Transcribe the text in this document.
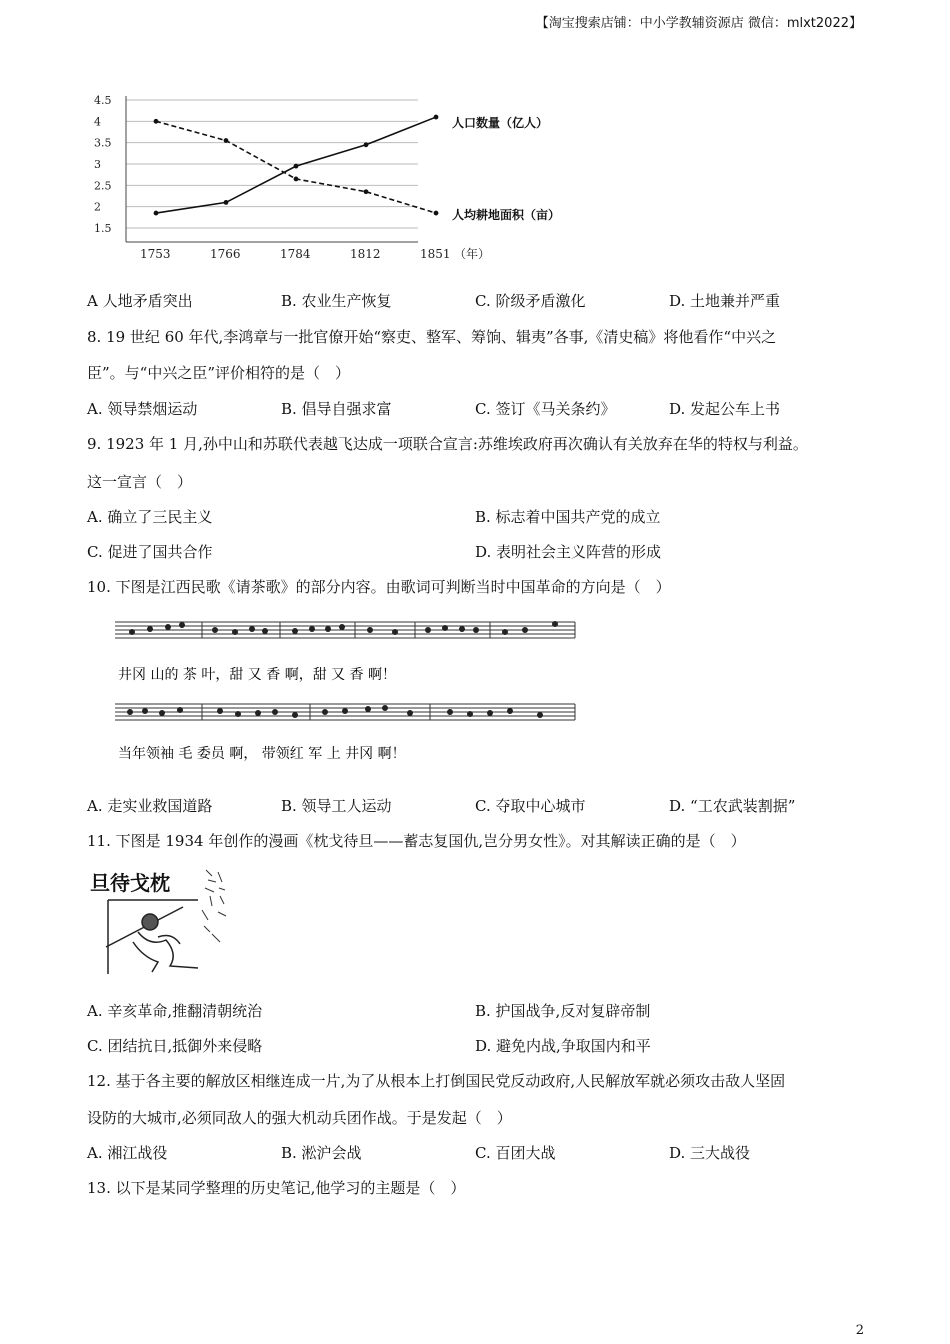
【淘宝搜索店铺：中小学教辅资源店 微信：mlxt2022】
4.5
4
3.5
3
2.5
2
1.5
1753	1766	1784	1812	1851 （年）
人口数量（亿人）
人均耕地面积（亩）
A 人地矛盾突出	B. 农业生产恢复	C. 阶级矛盾激化	D. 土地兼并严重
8. 19 世纪 60 年代,李鸿章与一批官僚开始“察吏、整军、筹饷、辑夷”各事,《清史稿》将他看作“中兴之
臣”。与“中兴之臣”评价相符的是（　）
A. 领导禁烟运动	B. 倡导自强求富	C. 签订《马关条约》	D. 发起公车上书
9. 1923 年 1 月,孙中山和苏联代表越飞达成一项联合宣言:苏维埃政府再次确认有关放弃在华的特权与利益。
这一宣言（　）
A. 确立了三民主义	B. 标志着中国共产党的成立
C. 促进了国共合作	D. 表明社会主义阵营的形成
10. 下图是江西民歌《请茶歌》的部分内容。由歌词可判断当时中国革命的方向是（　）
井冈 山的 茶 叶，甜 又 香 啊，甜 又 香 啊！
当年领袖 毛 委员 啊， 带领红 军 上 井冈 啊！
A. 走实业救国道路	B. 领导工人运动	C. 夺取中心城市	D. “工农武装割据”
11. 下图是 1934 年创作的漫画《枕戈待旦——蓄志复国仇,岂分男女性》。对其解读正确的是（　）
旦待戈枕
A. 辛亥革命,推翻清朝统治	B. 护国战争,反对复辟帝制
C. 团结抗日,抵御外来侵略	D. 避免内战,争取国内和平
12. 基于各主要的解放区相继连成一片,为了从根本上打倒国民党反动政府,人民解放军就必须攻击敌人坚固
设防的大城市,必须同敌人的强大机动兵团作战。于是发起（　）
A. 湘江战役	B. 淞沪会战	C. 百团大战	D. 三大战役
13. 以下是某同学整理的历史笔记,他学习的主题是（　）
2
